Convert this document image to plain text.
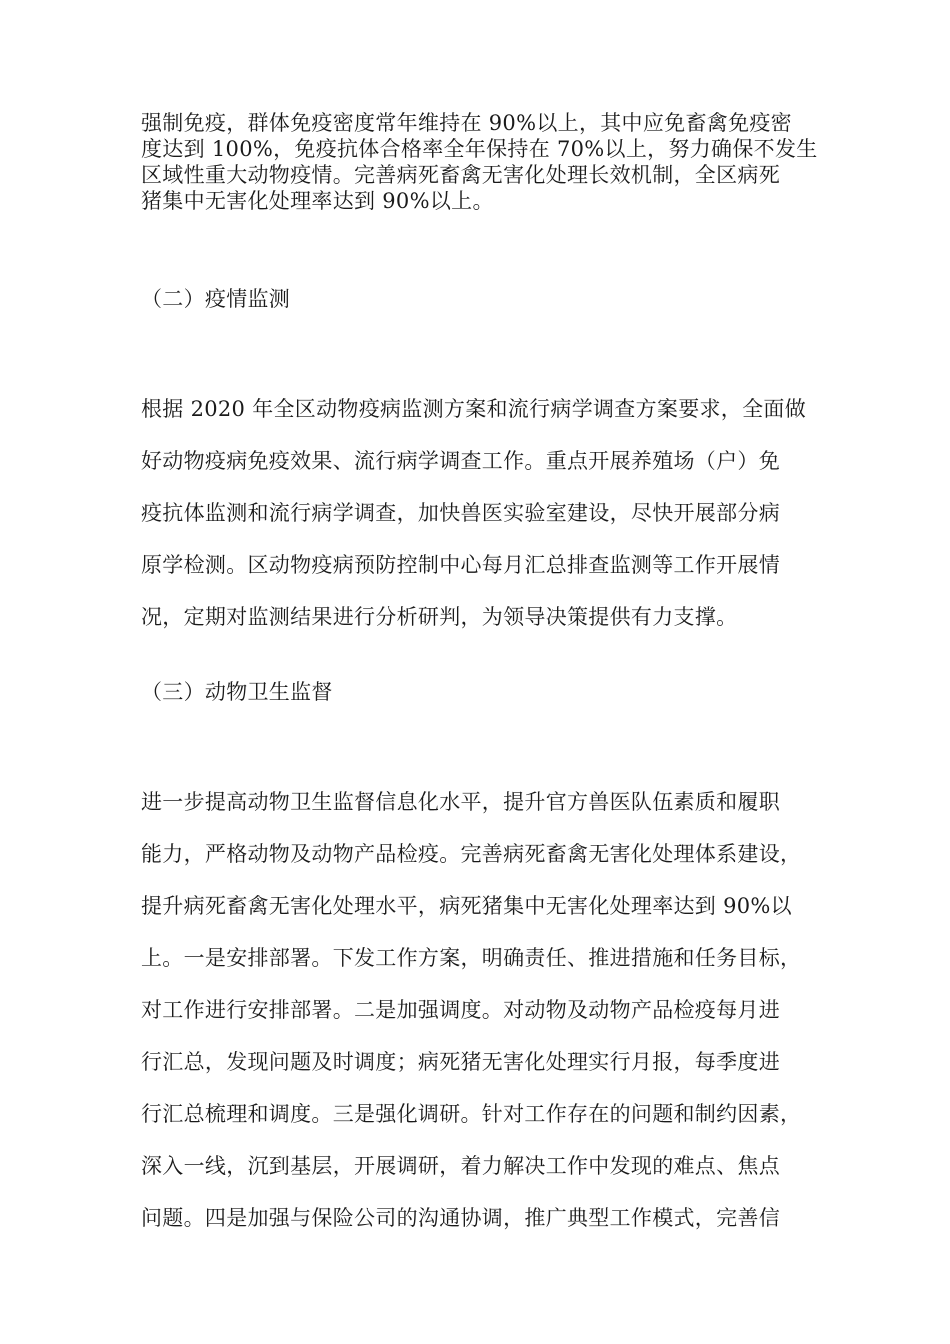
强制免疫，群体免疫密度常年维持在 90%以上，其中应免畜禽免疫密
度达到 100%，免疫抗体合格率全年保持在 70%以上，努力确保不发生
区域性重大动物疫情。完善病死畜禽无害化处理长效机制，全区病死
猪集中无害化处理率达到 90%以上。

（二）疫情监测

根据 2020 年全区动物疫病监测方案和流行病学调查方案要求，全面做
好动物疫病免疫效果、流行病学调查工作。重点开展养殖场（户）免
疫抗体监测和流行病学调查，加快兽医实验室建设，尽快开展部分病
原学检测。区动物疫病预防控制中心每月汇总排查监测等工作开展情
况，定期对监测结果进行分析研判，为领导决策提供有力支撑。

（三）动物卫生监督

进一步提高动物卫生监督信息化水平，提升官方兽医队伍素质和履职
能力，严格动物及动物产品检疫。完善病死畜禽无害化处理体系建设，
提升病死畜禽无害化处理水平，病死猪集中无害化处理率达到 90%以
上。一是安排部署。下发工作方案，明确责任、推进措施和任务目标，
对工作进行安排部署。二是加强调度。对动物及动物产品检疫每月进
行汇总，发现问题及时调度；病死猪无害化处理实行月报，每季度进
行汇总梳理和调度。三是强化调研。针对工作存在的问题和制约因素，
深入一线，沉到基层，开展调研，着力解决工作中发现的难点、焦点
问题。四是加强与保险公司的沟通协调，推广典型工作模式，完善信
